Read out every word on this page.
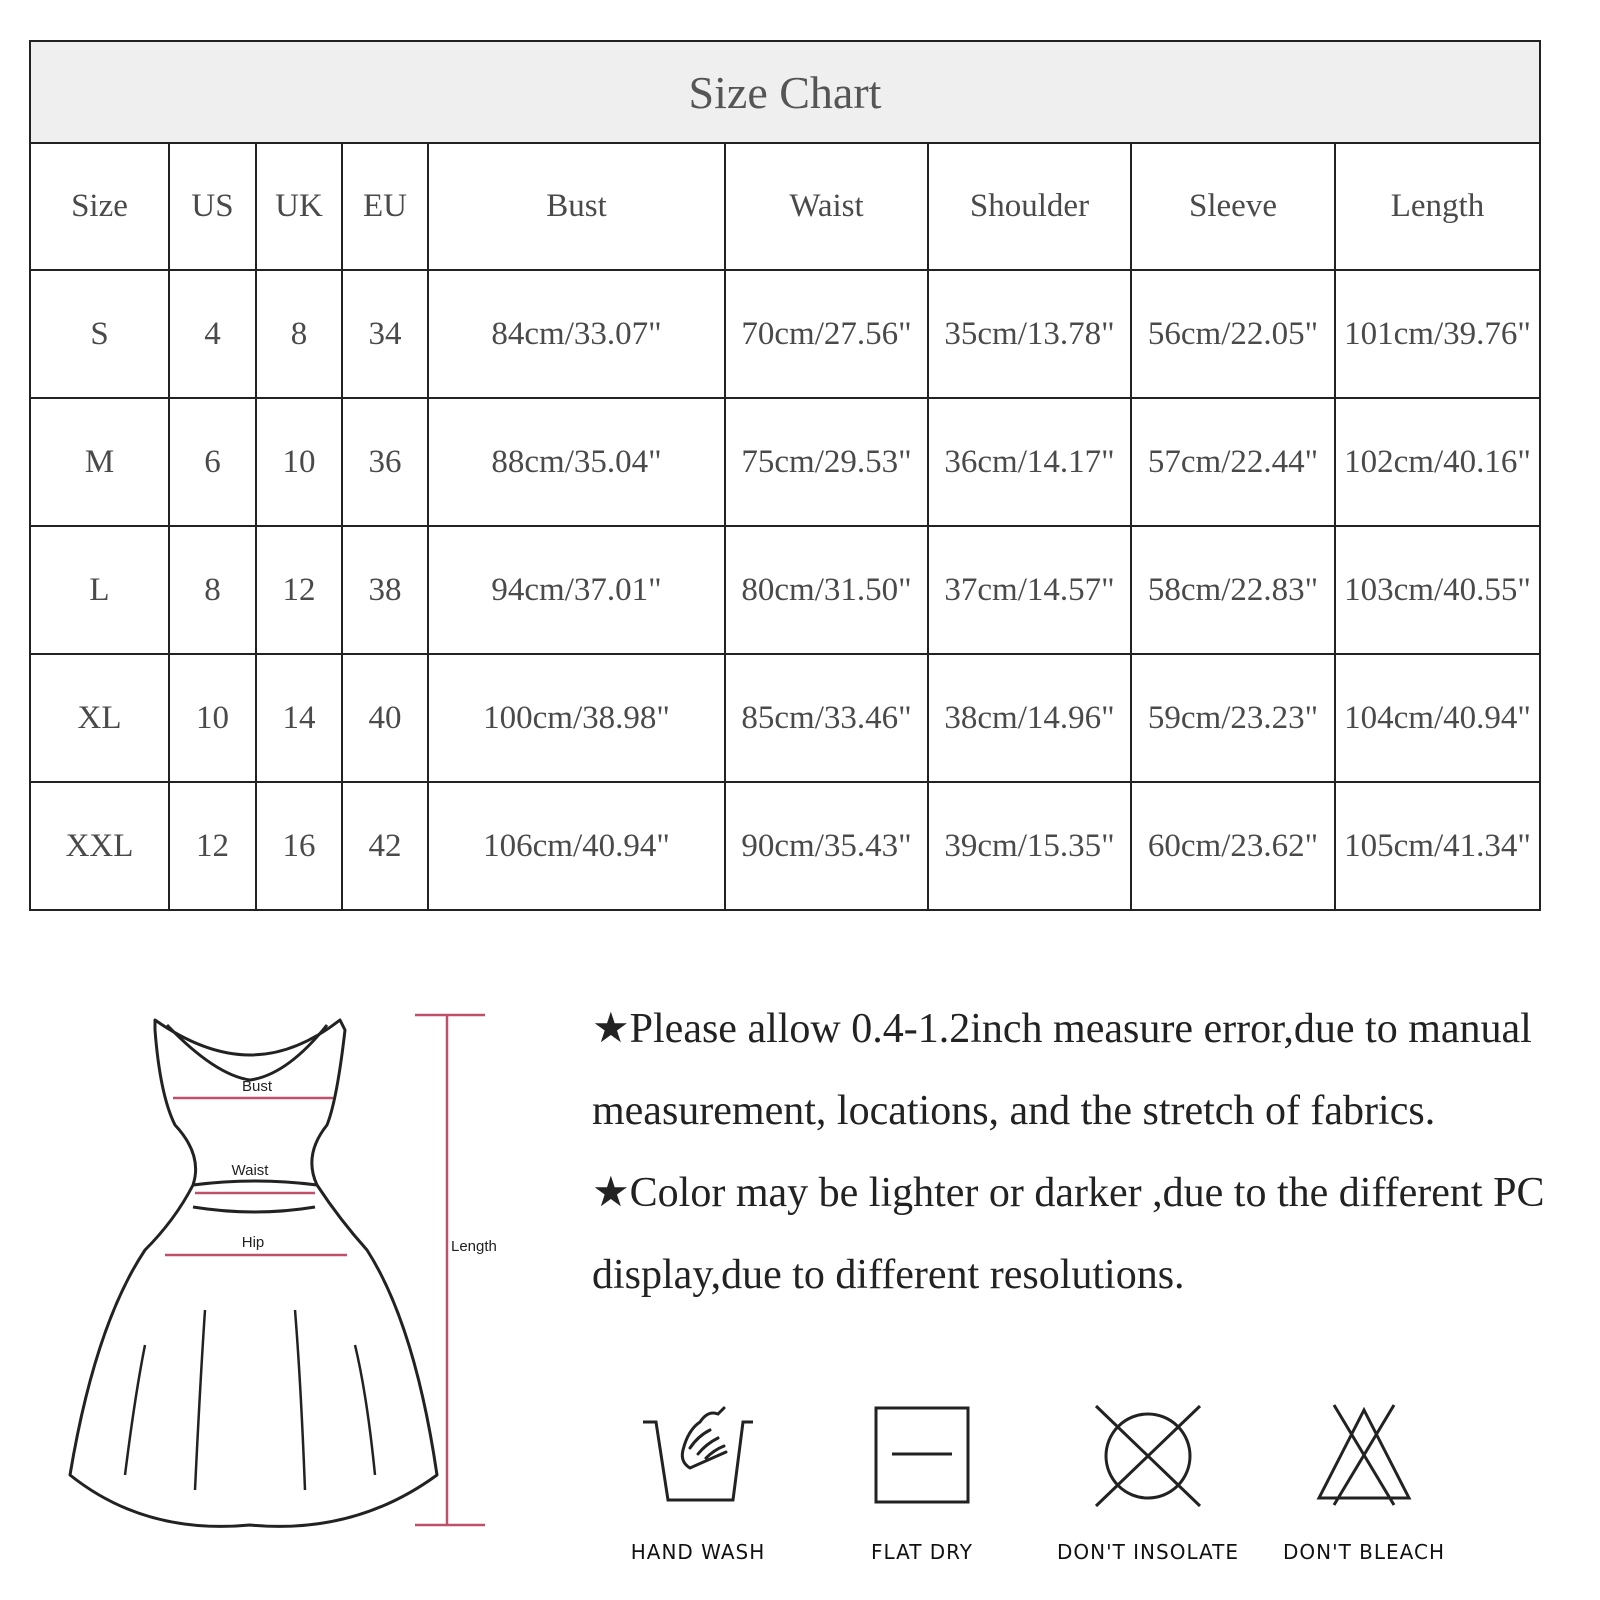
Size Chart								
Size	US	UK	EU	Bust	Waist	Shoulder	Sleeve	Length
S	4	8	34	84cm/33.07"	70cm/27.56"	35cm/13.78"	56cm/22.05"	101cm/39.76"
M	6	10	36	88cm/35.04"	75cm/29.53"	36cm/14.17"	57cm/22.44"	102cm/40.16"
L	8	12	38	94cm/37.01"	80cm/31.50"	37cm/14.57"	58cm/22.83"	103cm/40.55"
XL	10	14	40	100cm/38.98"	85cm/33.46"	38cm/14.96"	59cm/23.23"	104cm/40.94"
XXL	12	16	42	106cm/40.94"	90cm/35.43"	39cm/15.35"	60cm/23.62"	105cm/41.34"
Bust
Waist
Hip	Length

★Please allow 0.4-1.2inch measure error,due to manual measurement, locations, and the stretch of fabrics.

★Color may be lighter or darker ,due to the different PC display,due to different resolutions.

HAND WASH	FLAT DRY	DON'T INSOLATE	DON'T BLEACH
